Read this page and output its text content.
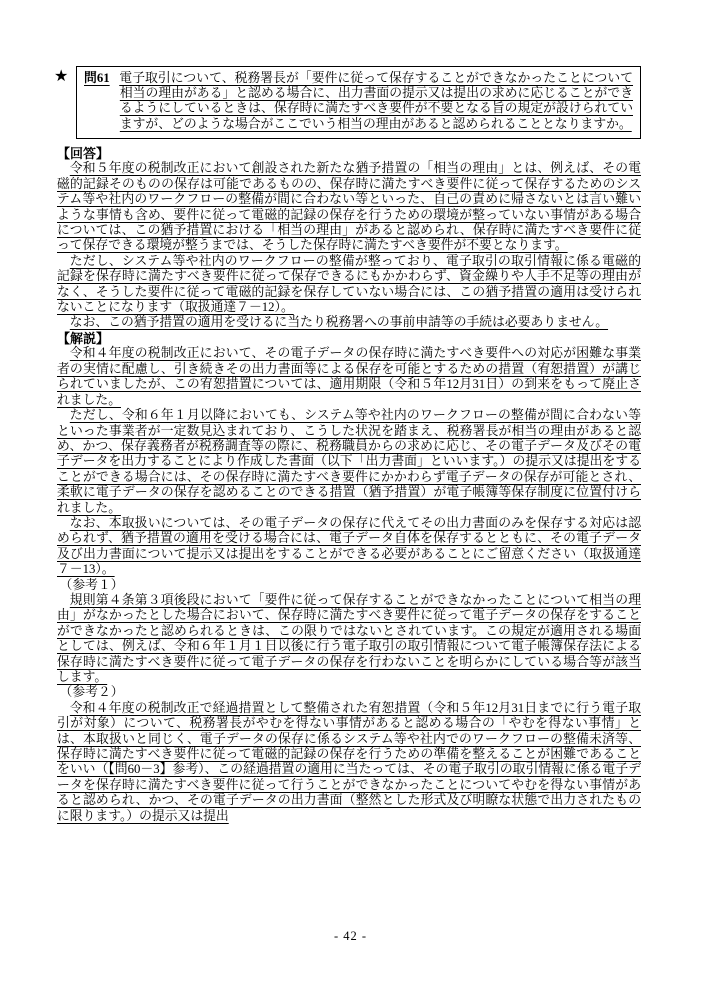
★ 問61 電子取引について、税務署長が「要件に従って保存することができなかったことについて相当の理由がある」と認める場合に、出力書面の提示又は提出の求めに応じることができるようにしているときは、保存時に満たすべき要件が不要となる旨の規定が設けられていますが、どのような場合がここでいう相当の理由があると認められることとなりますか。

【回答】

令和５年度の税制改正において創設された新たな猶予措置の「相当の理由」とは、例えば、その電磁的記録そのものの保存は可能であるものの、保存時に満たすべき要件に従って保存するためのシステム等や社内のワークフローの整備が間に合わない等といった、自己の責めに帰さないとは言い難いような事情も含め、要件に従って電磁的記録の保存を行うための環境が整っていない事情がある場合については、この猶予措置における「相当の理由」があると認められ、保存時に満たすべき要件に従って保存できる環境が整うまでは、そうした保存時に満たすべき要件が不要となります。

ただし、システム等や社内のワークフローの整備が整っており、電子取引の取引情報に係る電磁的記録を保存時に満たすべき要件に従って保存できるにもかかわらず、資金繰りや人手不足等の理由がなく、そうした要件に従って電磁的記録を保存していない場合には、この猶予措置の適用は受けられないことになります（取扱通達７－12）。

なお、この猶予措置の適用を受けるに当たり税務署への事前申請等の手続は必要ありません。

【解説】

令和４年度の税制改正において、その電子データの保存時に満たすべき要件への対応が困難な事業者の実情に配慮し、引き続きその出力書面等による保存を可能とするための措置（宥恕措置）が講じられていましたが、この宥恕措置については、適用期限（令和５年12月31日）の到来をもって廃止されました。

ただし、令和６年１月以降においても、システム等や社内のワークフローの整備が間に合わない等といった事業者が一定数見込まれており、こうした状況を踏まえ、税務署長が相当の理由があると認め、かつ、保存義務者が税務調査等の際に、税務職員からの求めに応じ、その電子データ及びその電子データを出力することにより作成した書面（以下「出力書面」といいます。）の提示又は提出をすることができる場合には、その保存時に満たすべき要件にかかわらず電子データの保存が可能とされ、柔軟に電子データの保存を認めることのできる措置（猶予措置）が電子帳簿等保存制度に位置付けられました。

なお、本取扱いについては、その電子データの保存に代えてその出力書面のみを保存する対応は認められず、猶予措置の適用を受ける場合には、電子データ自体を保存するとともに、その電子データ及び出力書面について提示又は提出をすることができる必要があることにご留意ください（取扱通達７－13）。

（参考１）

規則第４条第３項後段において「要件に従って保存することができなかったことについて相当の理由」がなかったとした場合において、保存時に満たすべき要件に従って電子データの保存をすることができなかったと認められるときは、この限りではないとされています。この規定が適用される場面としては、例えば、令和６年１月１日以後に行う電子取引の取引情報について電子帳簿保存法による保存時に満たすべき要件に従って電子データの保存を行わないことを明らかにしている場合等が該当します。

（参考２）

令和４年度の税制改正で経過措置として整備された宥恕措置（令和５年12月31日までに行う電子取引が対象）について、税務署長がやむを得ない事情があると認める場合の「やむを得ない事情」とは、本取扱いと同じく、電子データの保存に係るシステム等や社内でのワークフローの整備未済等、保存時に満たすべき要件に従って電磁的記録の保存を行うための準備を整えることが困難であることをいい（【問60－3】参考）、この経過措置の適用に当たっては、その電子取引の取引情報に係る電子データを保存時に満たすべき要件に従って行うことができなかったことについてやむを得ない事情があると認められ、かつ、その電子データの出力書面（整然とした形式及び明瞭な状態で出力されたものに限ります。）の提示又は提出

- 42 -
